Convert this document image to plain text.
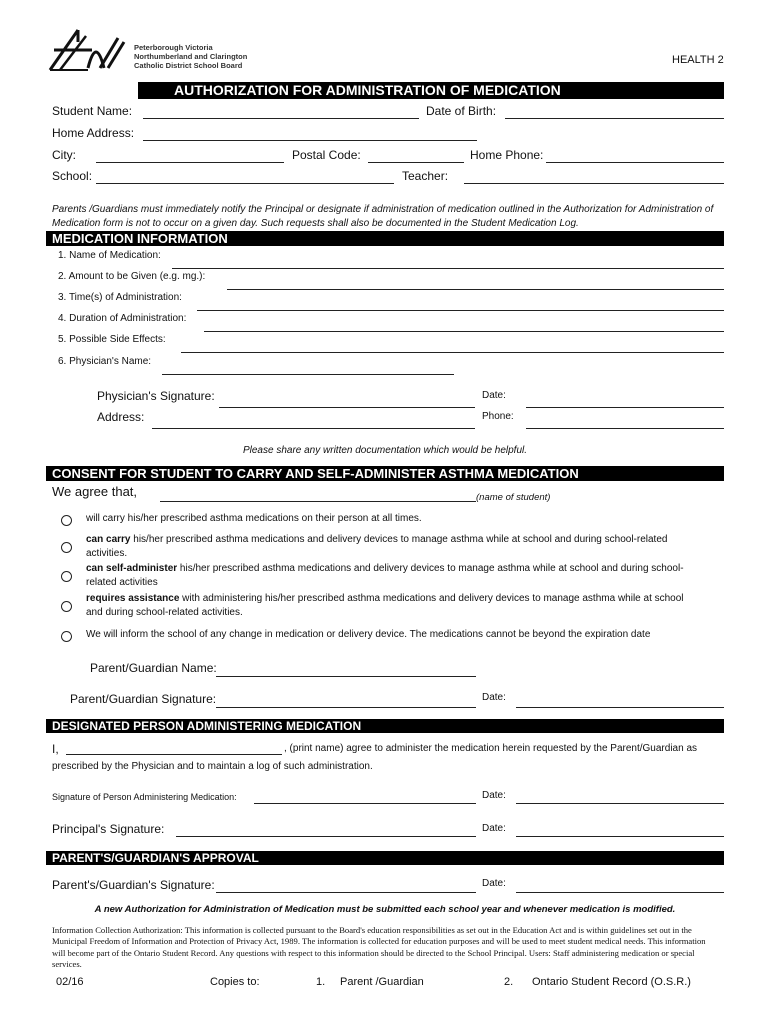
Peterborough Victoria
Northumberland and Clarington
Catholic District School Board	HEALTH 2
AUTHORIZATION FOR ADMINISTRATION OF MEDICATION
Student Name:	Date of Birth:
Home Address:
City:	Postal Code:	Home Phone:
School:	Teacher:
Parents /Guardians must immediately notify the Principal or designate if administration of medication outlined in the Authorization for Administration of Medication form is not to occur on a given day. Such requests shall also be documented in the Student Medication Log.
MEDICATION INFORMATION
1. Name of Medication:
2. Amount to be Given (e.g. mg.):
3. Time(s) of Administration:
4. Duration of Administration:
5. Possible Side Effects:
6. Physician's Name:
Physician's Signature:	Date:
Address:	Phone:
Please share any written documentation which would be helpful.
CONSENT FOR STUDENT TO CARRY AND SELF-ADMINISTER ASTHMA MEDICATION
We agree that,	(name of student)
will carry his/her prescribed asthma medications on their person at all times.
can carry his/her prescribed asthma medications and delivery devices to manage asthma while at school and during school-related
activities.
can self-administer his/her prescribed asthma medications and delivery devices to manage asthma while at school and during school-
related activities
requires assistance with administering his/her prescribed asthma medications and delivery devices to manage asthma while at school
and during school-related activities.
We will inform the school of any change in medication or delivery device. The medications cannot be beyond the expiration date
Parent/Guardian Name:
Parent/Guardian Signature:	Date:
DESIGNATED PERSON ADMINISTERING MEDICATION
I,	, (print name) agree to administer the medication herein requested by the Parent/Guardian as
prescribed by the Physician and to maintain a log of such administration.
Signature of Person Administering Medication:	Date:
Principal's Signature:	Date:
PARENT'S/GUARDIAN'S APPROVAL
Parent's/Guardian's Signature:	Date:
A new Authorization for Administration of Medication must be submitted each school year and whenever medication is modified.
Information Collection Authorization: This information is collected pursuant to the Board's education responsibilities as set out in the Education Act and is within guidelines set out in the Municipal Freedom of Information and Protection of Privacy Act, 1989. The information is collected for education purposes and will be used to meet student medical needs. This information will become part of the Ontario Student Record. Any questions with respect to this information should be directed to the School Principal. Users: Staff administering medication or special services.
02/16	Copies to:	1. Parent /Guardian	2. Ontario Student Record (O.S.R.)
